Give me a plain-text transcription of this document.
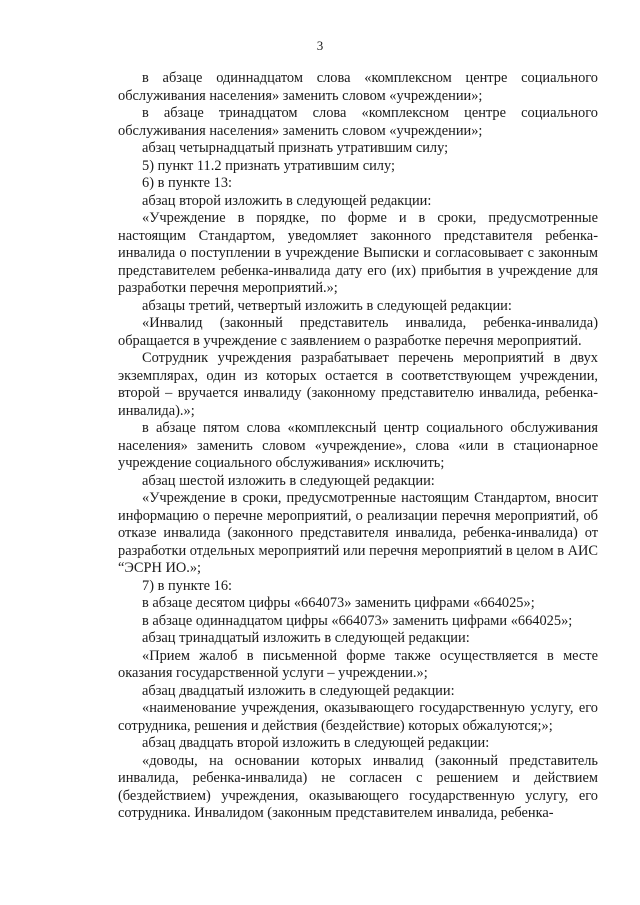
3

в абзаце одиннадцатом слова «комплексном центре социального обслуживания населения» заменить словом «учреждении»;

в абзаце тринадцатом слова «комплексном центре социального обслуживания населения» заменить словом «учреждении»;

абзац четырнадцатый признать утратившим силу;

5) пункт 11.2 признать утратившим силу;

6) в пункте 13:

абзац второй изложить в следующей редакции:

«Учреждение в порядке, по форме и в сроки, предусмотренные настоящим Стандартом, уведомляет законного представителя ребенка-инвалида о поступлении в учреждение Выписки и согласовывает с законным представителем ребенка-инвалида дату его (их) прибытия в учреждение для разработки перечня мероприятий.»;

абзацы третий, четвертый изложить в следующей редакции:

«Инвалид (законный представитель инвалида, ребенка-инвалида) обращается в учреждение с заявлением о разработке перечня мероприятий.

Сотрудник учреждения разрабатывает перечень мероприятий в двух экземплярах, один из которых остается в соответствующем учреждении, второй – вручается инвалиду (законному представителю инвалида, ребенка-инвалида).»;

в абзаце пятом слова «комплексный центр социального обслуживания населения» заменить словом «учреждение», слова «или в стационарное учреждение социального обслуживания» исключить;

абзац шестой изложить в следующей редакции:

«Учреждение в сроки, предусмотренные настоящим Стандартом, вносит информацию о перечне мероприятий, о реализации перечня мероприятий, об отказе инвалида (законного представителя инвалида, ребенка-инвалида) от разработки отдельных мероприятий или перечня мероприятий в целом в АИС “ЭСРН ИО.»;

7) в пункте 16:

в абзаце десятом цифры «664073» заменить цифрами «664025»;

в абзаце одиннадцатом цифры «664073» заменить цифрами «664025»;

абзац тринадцатый изложить в следующей редакции:

«Прием жалоб в письменной форме также осуществляется в месте оказания государственной услуги – учреждении.»;

абзац двадцатый изложить в следующей редакции:

«наименование учреждения, оказывающего государственную услугу, его сотрудника, решения и действия (бездействие) которых обжалуются;»;

абзац двадцать второй изложить в следующей редакции:

«доводы, на основании которых инвалид (законный представитель инвалида, ребенка-инвалида) не согласен с решением и действием (бездействием) учреждения, оказывающего государственную услугу, его сотрудника. Инвалидом (законным представителем инвалида, ребенка-
